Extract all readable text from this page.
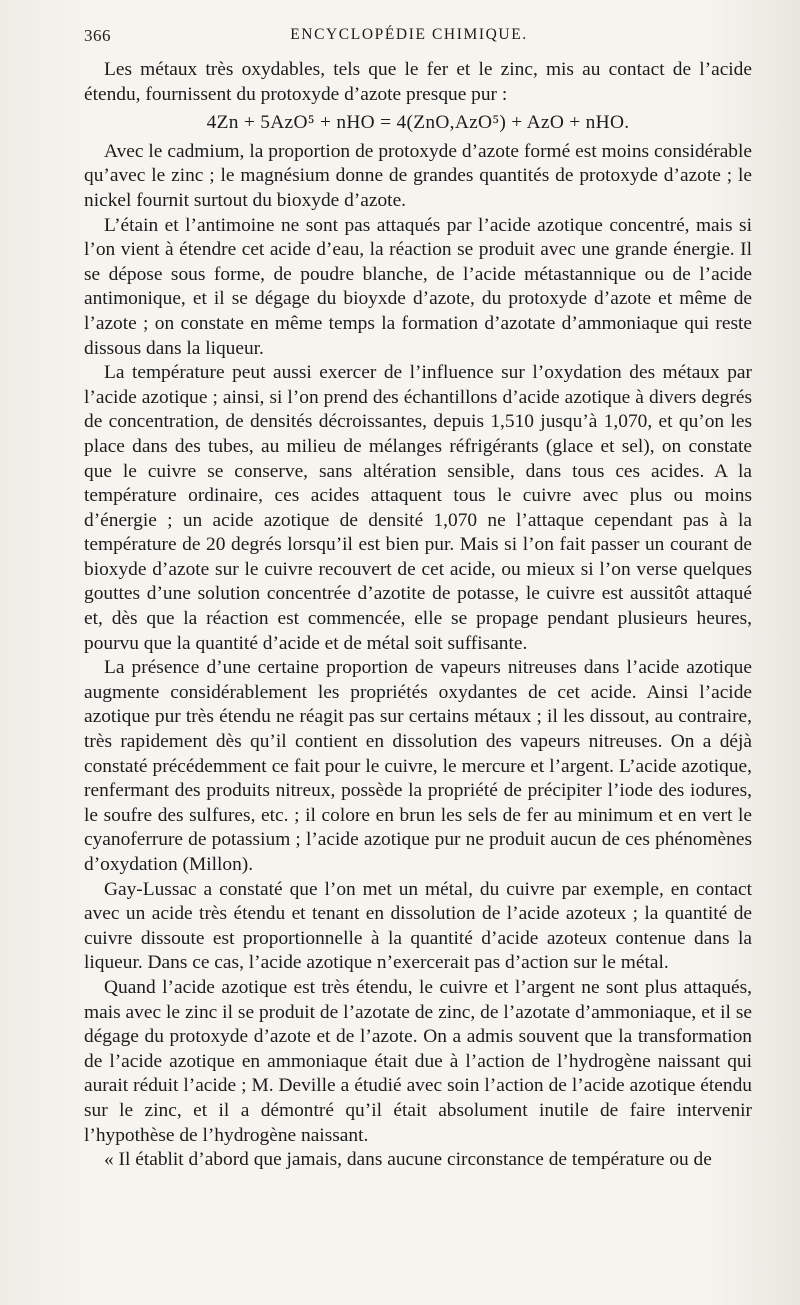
366	ENCYCLOPÉDIE CHIMIQUE.

Les métaux très oxydables, tels que le fer et le zinc, mis au contact de l’acide étendu, fournissent du protoxyde d’azote presque pur :

4Zn + 5AzO⁵ + nHO = 4(ZnO,AzO⁵) + AzO + nHO.

Avec le cadmium, la proportion de protoxyde d’azote formé est moins considérable qu’avec le zinc ; le magnésium donne de grandes quantités de protoxyde d’azote ; le nickel fournit surtout du bioxyde d’azote.

L’étain et l’antimoine ne sont pas attaqués par l’acide azotique concentré, mais si l’on vient à étendre cet acide d’eau, la réaction se produit avec une grande énergie. Il se dépose sous forme, de poudre blanche, de l’acide métastannique ou de l’acide antimonique, et il se dégage du bioyxde d’azote, du protoxyde d’azote et même de l’azote ; on constate en même temps la formation d’azotate d’ammoniaque qui reste dissous dans la liqueur.

La température peut aussi exercer de l’influence sur l’oxydation des métaux par l’acide azotique ; ainsi, si l’on prend des échantillons d’acide azotique à divers degrés de concentration, de densités décroissantes, depuis 1,510 jusqu’à 1,070, et qu’on les place dans des tubes, au milieu de mélanges réfrigérants (glace et sel), on constate que le cuivre se conserve, sans altération sensible, dans tous ces acides. A la température ordinaire, ces acides attaquent tous le cuivre avec plus ou moins d’énergie ; un acide azotique de densité 1,070 ne l’attaque cependant pas à la température de 20 degrés lorsqu’il est bien pur. Mais si l’on fait passer un courant de bioxyde d’azote sur le cuivre recouvert de cet acide, ou mieux si l’on verse quelques gouttes d’une solution concentrée d’azotite de potasse, le cuivre est aussitôt attaqué et, dès que la réaction est commencée, elle se propage pendant plusieurs heures, pourvu que la quantité d’acide et de métal soit suffisante.

La présence d’une certaine proportion de vapeurs nitreuses dans l’acide azotique augmente considérablement les propriétés oxydantes de cet acide. Ainsi l’acide azotique pur très étendu ne réagit pas sur certains métaux ; il les dissout, au contraire, très rapidement dès qu’il contient en dissolution des vapeurs nitreuses. On a déjà constaté précédemment ce fait pour le cuivre, le mercure et l’argent. L’acide azotique, renfermant des produits nitreux, possède la propriété de précipiter l’iode des iodures, le soufre des sulfures, etc. ; il colore en brun les sels de fer au minimum et en vert le cyanoferrure de potassium ; l’acide azotique pur ne produit aucun de ces phénomènes d’oxydation (Millon).

Gay-Lussac a constaté que l’on met un métal, du cuivre par exemple, en contact avec un acide très étendu et tenant en dissolution de l’acide azoteux ; la quantité de cuivre dissoute est proportionnelle à la quantité d’acide azoteux contenue dans la liqueur. Dans ce cas, l’acide azotique n’exercerait pas d’action sur le métal.

Quand l’acide azotique est très étendu, le cuivre et l’argent ne sont plus attaqués, mais avec le zinc il se produit de l’azotate de zinc, de l’azotate d’ammoniaque, et il se dégage du protoxyde d’azote et de l’azote. On a admis souvent que la transformation de l’acide azotique en ammoniaque était due à l’action de l’hydrogène naissant qui aurait réduit l’acide ; M. Deville a étudié avec soin l’action de l’acide azotique étendu sur le zinc, et il a démontré qu’il était absolument inutile de faire intervenir l’hypothèse de l’hydrogène naissant.

« Il établit d’abord que jamais, dans aucune circonstance de température ou de
